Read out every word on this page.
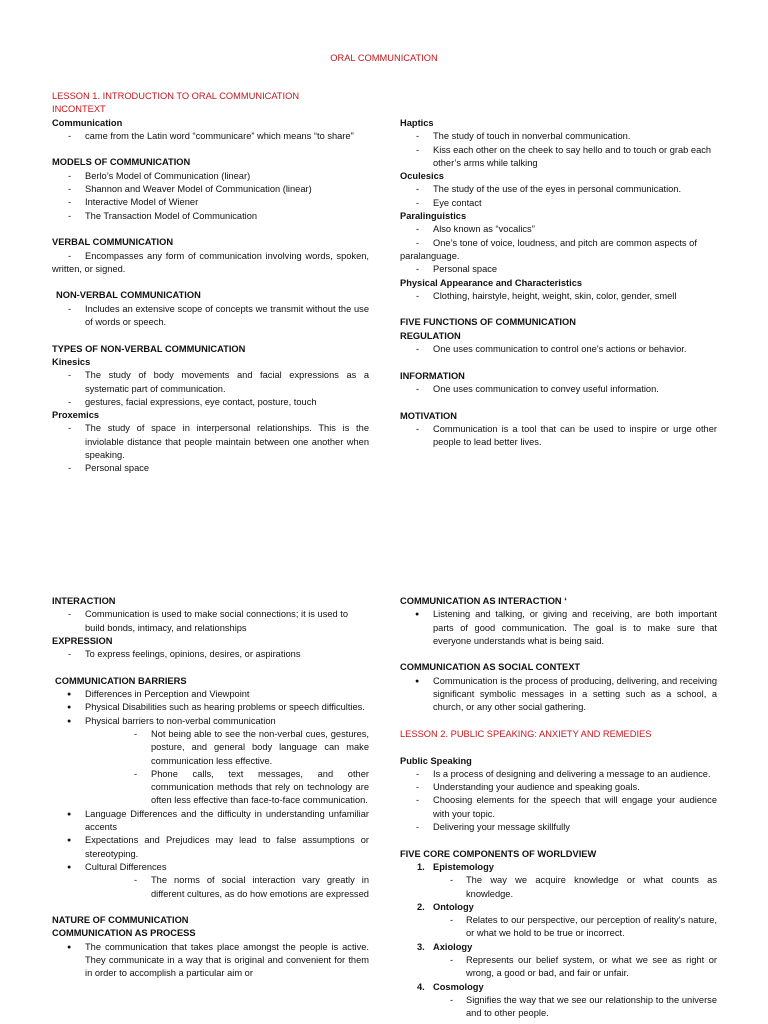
ORAL COMMUNICATION
LESSON 1. INTRODUCTION TO ORAL COMMUNICATION INCONTEXT
Communication
- came from the Latin word “communicare” which means “to share”
MODELS OF COMMUNICATION
- Berlo’s Model of Communication (linear)
- Shannon and Weaver Model of Communication (linear)
- Interactive Model of Wiener
- The Transaction Model of Communication
VERBAL COMMUNICATION
- Encompasses any form of communication involving words, spoken, written, or signed.
NON-VERBAL COMMUNICATION
- Includes an extensive scope of concepts we transmit without the use of words or speech.
TYPES OF NON-VERBAL COMMUNICATION
Kinesics
- The study of body movements and facial expressions as a systematic part of communication.
- gestures, facial expressions, eye contact, posture, touch
Proxemics
- The study of space in interpersonal relationships. This is the inviolable distance that people maintain between one another when speaking.
- Personal space
Haptics
- The study of touch in nonverbal communication.
- Kiss each other on the cheek to say hello and to touch or grab each other’s arms while talking
Oculesics
- The study of the use of the eyes in personal communication.
- Eye contact
Paralinguistics
- Also known as “vocalics”
- One’s tone of voice, loudness, and pitch are common aspects of paralanguage.
- Personal space
Physical Appearance and Characteristics
- Clothing, hairstyle, height, weight, skin, color, gender, smell
FIVE FUNCTIONS OF COMMUNICATION
REGULATION
- One uses communication to control one's actions or behavior.
INFORMATION
- One uses communication to convey useful information.
MOTIVATION
- Communication is a tool that can be used to inspire or urge other people to lead better lives.
INTERACTION
- Communication is used to make social connections; it is used to build bonds, intimacy, and relationships
EXPRESSION
- To express feelings, opinions, desires, or aspirations
COMMUNICATION BARRIERS
● Differences in Perception and Viewpoint
● Physical Disabilities such as hearing problems or speech difficulties.
● Physical barriers to non-verbal communication
- Not being able to see the non-verbal cues, gestures, posture, and general body language can make communication less effective.
- Phone calls, text messages, and other communication methods that rely on technology are often less effective than face-to-face communication.
● Language Differences and the difficulty in understanding unfamiliar accents
● Expectations and Prejudices may lead to false assumptions or stereotyping.
● Cultural Differences
- The norms of social interaction vary greatly in different cultures, as do how emotions are expressed
NATURE OF COMMUNICATION
COMMUNICATION AS PROCESS
● The communication that takes place amongst the people is active. They communicate in a way that is original and convenient for them in order to accomplish a particular aim or
COMMUNICATION AS INTERACTION ‘
● Listening and talking, or giving and receiving, are both important parts of good communication. The goal is to make sure that everyone understands what is being said.
COMMUNICATION AS SOCIAL CONTEXT
● Communication is the process of producing, delivering, and receiving significant symbolic messages in a setting such as a school, a church, or any other social gathering.
LESSON 2. PUBLIC SPEAKING: ANXIETY AND REMEDIES
Public Speaking
- Is a process of designing and delivering a message to an audience.
- Understanding your audience and speaking goals.
- Choosing elements for the speech that will engage your audience with your topic.
- Delivering your message skillfully
FIVE CORE COMPONENTS OF WORLDVIEW
1. Epistemology
- The way we acquire knowledge or what counts as knowledge.
2. Ontology
- Relates to our perspective, our perception of reality's nature, or what we hold to be true or incorrect.
3. Axiology
- Represents our belief system, or what we see as right or wrong, a good or bad, and fair or unfair.
4. Cosmology
- Signifies the way that we see our relationship to the universe and to other people.
